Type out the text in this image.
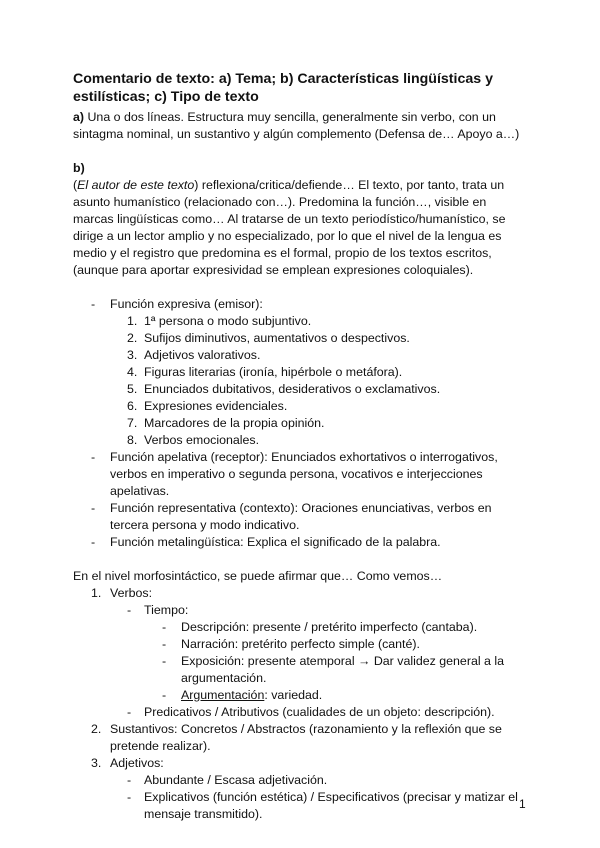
Comentario de texto: a) Tema; b) Características lingüísticas y estilísticas; c) Tipo de texto

a) Una o dos líneas. Estructura muy sencilla, generalmente sin verbo, con un sintagma nominal, un sustantivo y algún complemento (Defensa de… Apoyo a…)

b)

(El autor de este texto) reflexiona/critica/defiende… El texto, por tanto, trata un asunto humanístico (relacionado con…). Predomina la función…, visible en marcas lingüísticas como… Al tratarse de un texto periodístico/humanístico, se dirige a un lector amplio y no especializado, por lo que el nivel de la lengua es medio y el registro que predomina es el formal, propio de los textos escritos, (aunque para aportar expresividad se emplean expresiones coloquiales).

- Función expresiva (emisor):
1. 1ª persona o modo subjuntivo.
2. Sufijos diminutivos, aumentativos o despectivos.
3. Adjetivos valorativos.
4. Figuras literarias (ironía, hipérbole o metáfora).
5. Enunciados dubitativos, desiderativos o exclamativos.
6. Expresiones evidenciales.
7. Marcadores de la propia opinión.
8. Verbos emocionales.
- Función apelativa (receptor): Enunciados exhortativos o interrogativos, verbos en imperativo o segunda persona, vocativos e interjecciones apelativas.
- Función representativa (contexto): Oraciones enunciativas, verbos en tercera persona y modo indicativo.
- Función metalingüística: Explica el significado de la palabra.

En el nivel morfosintáctico, se puede afirmar que… Como vemos…

1. Verbos:
- Tiempo:
- Descripción: presente / pretérito imperfecto (cantaba).
- Narración: pretérito perfecto simple (canté).
- Exposición: presente atemporal → Dar validez general a la argumentación.
- Argumentación: variedad.
- Predicativos / Atributivos (cualidades de un objeto: descripción).
2. Sustantivos: Concretos / Abstractos (razonamiento y la reflexión que se pretende realizar).
3. Adjetivos:
- Abundante / Escasa adjetivación.
- Explicativos (función estética) / Especificativos (precisar y matizar el mensaje transmitido).
1
